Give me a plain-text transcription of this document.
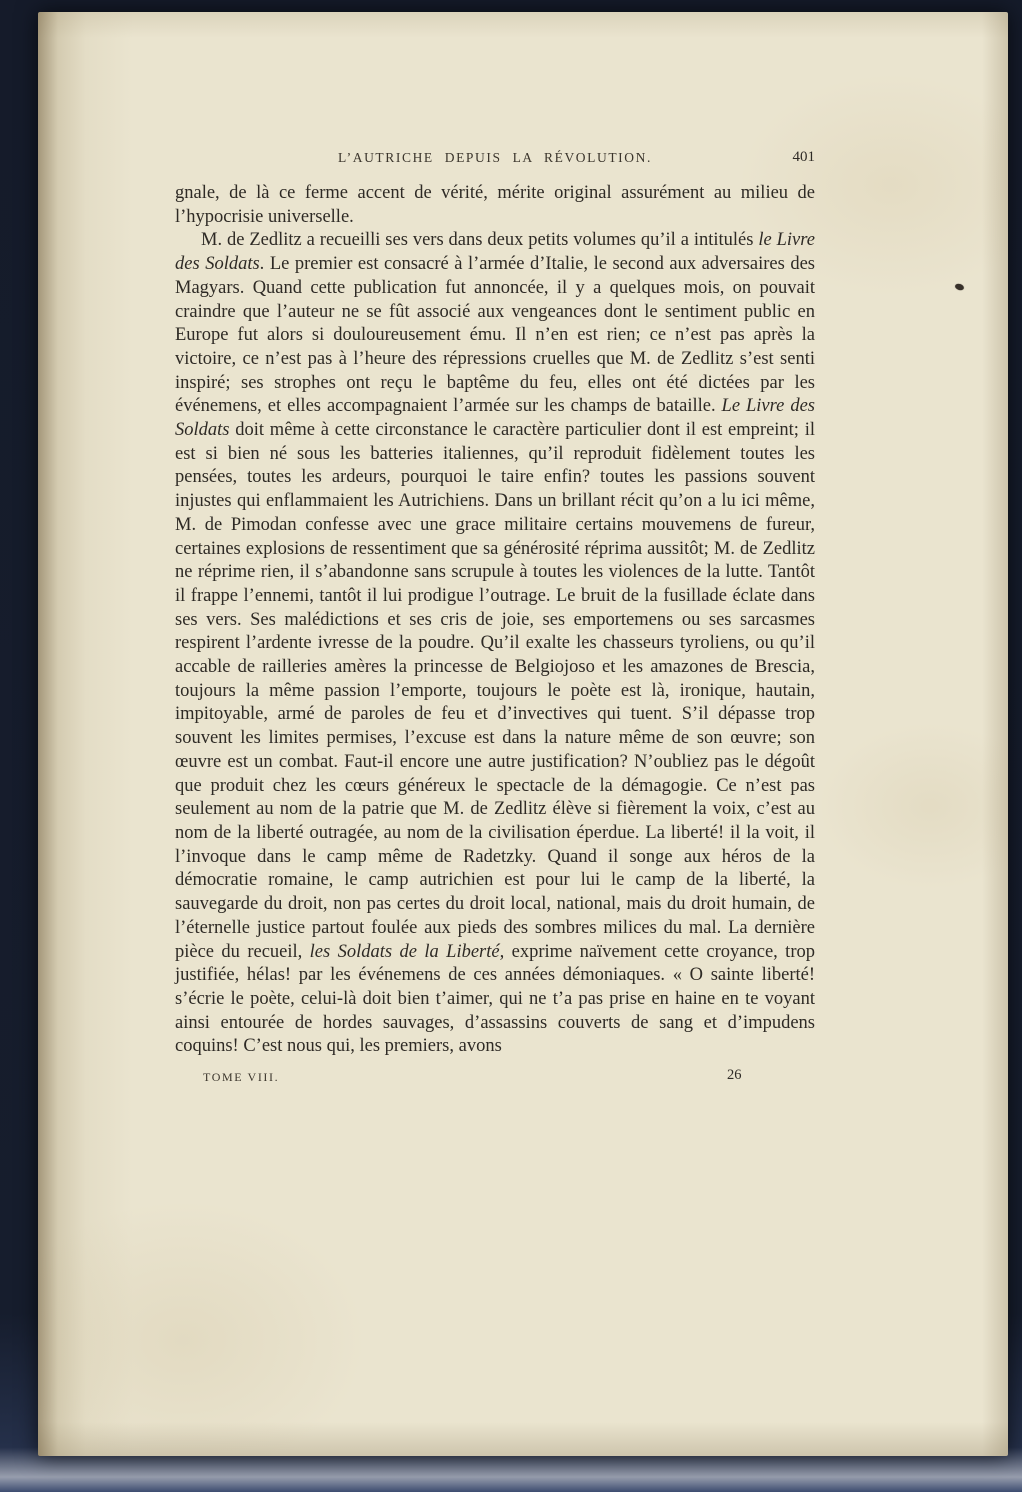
L’AUTRICHE DEPUIS LA RÉVOLUTION.	401

gnale, de là ce ferme accent de vérité, mérite original assurément au milieu de l’hypocrisie universelle.

M. de Zedlitz a recueilli ses vers dans deux petits volumes qu’il a intitulés le Livre des Soldats. Le premier est consacré à l’armée d’Italie, le second aux adversaires des Magyars. Quand cette publication fut annoncée, il y a quelques mois, on pouvait craindre que l’auteur ne se fût associé aux vengeances dont le sentiment public en Europe fut alors si douloureusement ému. Il n’en est rien; ce n’est pas après la victoire, ce n’est pas à l’heure des répressions cruelles que M. de Zedlitz s’est senti inspiré; ses strophes ont reçu le baptême du feu, elles ont été dictées par les événemens, et elles accompagnaient l’armée sur les champs de bataille. Le Livre des Soldats doit même à cette circonstance le caractère particulier dont il est empreint; il est si bien né sous les batteries italiennes, qu’il reproduit fidèlement toutes les pensées, toutes les ardeurs, pourquoi le taire enfin? toutes les passions souvent injustes qui enflammaient les Autrichiens. Dans un brillant récit qu’on a lu ici même, M. de Pimodan confesse avec une grace militaire certains mouvemens de fureur, certaines explosions de ressentiment que sa générosité réprima aussitôt; M. de Zedlitz ne réprime rien, il s’abandonne sans scrupule à toutes les violences de la lutte. Tantôt il frappe l’ennemi, tantôt il lui prodigue l’outrage. Le bruit de la fusillade éclate dans ses vers. Ses malédictions et ses cris de joie, ses emportemens ou ses sarcasmes respirent l’ardente ivresse de la poudre. Qu’il exalte les chasseurs tyroliens, ou qu’il accable de railleries amères la princesse de Belgiojoso et les amazones de Brescia, toujours la même passion l’emporte, toujours le poète est là, ironique, hautain, impitoyable, armé de paroles de feu et d’invectives qui tuent. S’il dépasse trop souvent les limites permises, l’excuse est dans la nature même de son œuvre; son œuvre est un combat. Faut-il encore une autre justification? N’oubliez pas le dégoût que produit chez les cœurs généreux le spectacle de la démagogie. Ce n’est pas seulement au nom de la patrie que M. de Zedlitz élève si fièrement la voix, c’est au nom de la liberté outragée, au nom de la civilisation éperdue. La liberté! il la voit, il l’invoque dans le camp même de Radetzky. Quand il songe aux héros de la démocratie romaine, le camp autrichien est pour lui le camp de la liberté, la sauvegarde du droit, non pas certes du droit local, national, mais du droit humain, de l’éternelle justice partout foulée aux pieds des sombres milices du mal. La dernière pièce du recueil, les Soldats de la Liberté, exprime naïvement cette croyance, trop justifiée, hélas! par les événemens de ces années démoniaques. « O sainte liberté! s’écrie le poète, celui-là doit bien t’aimer, qui ne t’a pas prise en haine en te voyant ainsi entourée de hordes sauvages, d’assassins couverts de sang et d’impudens coquins! C’est nous qui, les premiers, avons

TOME VIII.	26
